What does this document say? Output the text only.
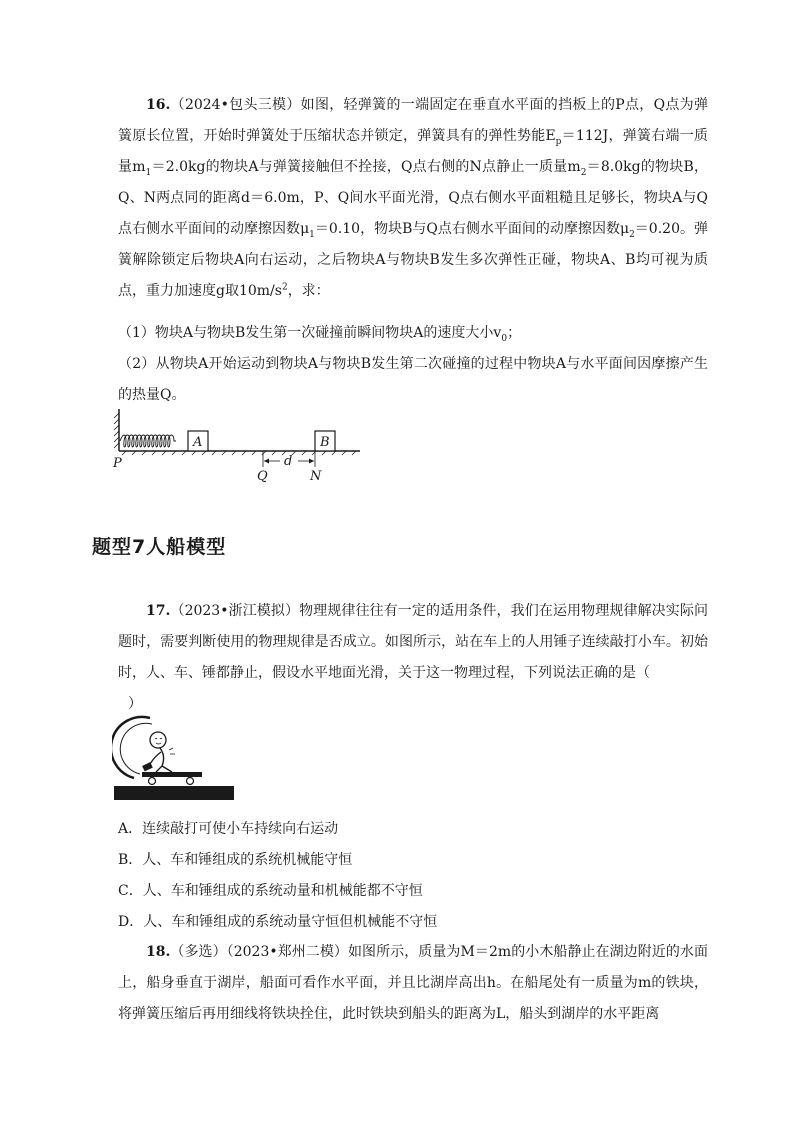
16.（2024•包头三模）如图，轻弹簧的一端固定在垂直水平面的挡板上的P点，Q点为弹簧原长位置，开始时弹簧处于压缩状态并锁定，弹簧具有的弹性势能$E_p=112J$，弹簧右端一质量$m_1=2.0kg$的物块A与弹簧接触但不拴接，Q点右侧的N点静止一质量$m_2=8.0kg$的物块B，Q、N两点同的距离d＝6.0m，P、Q间水平面光滑，Q点右侧水平面粗糙且足够长，物块A与Q点右侧水平面间的动摩擦因数$\mu_1=0.10$，物块B与Q点右侧水平面间的动摩擦因数$\mu_2=0.20$。弹簧解除锁定后物块A向右运动，之后物块A与物块B发生多次弹性正碰，物块A、B均可视为质点，重力加速度g取$10m/s^2$，求：

（1）物块A与物块B发生第一次碰撞前瞬间物块A的速度大小$v_0$；

（2）从物块A开始运动到物块A与物块B发生第二次碰撞的过程中物块A与水平面间因摩擦产生的热量Q。

A	B
P
Q	N
d
题型7人船模型

17.（2023•浙江模拟）物理规律往往有一定的适用条件，我们在运用物理规律解决实际问题时，需要判断使用的物理规律是否成立。如图所示，站在车上的人用锤子连续敲打小车。初始时，人、车、锤都静止，假设水平地面光滑，关于这一物理过程，下列说法正确的是（

）

A．连续敲打可使小车持续向右运动

B．人、车和锤组成的系统机械能守恒

C．人、车和锤组成的系统动量和机械能都不守恒

D．人、车和锤组成的系统动量守恒但机械能不守恒

18.（多选）（2023•郑州二模）如图所示，质量为M＝2m的小木船静止在湖边附近的水面上，船身垂直于湖岸，船面可看作水平面，并且比湖岸高出h。在船尾处有一质量为m的铁块，将弹簧压缩后再用细线将铁块拴住，此时铁块到船头的距离为L，船头到湖岸的水平距离
